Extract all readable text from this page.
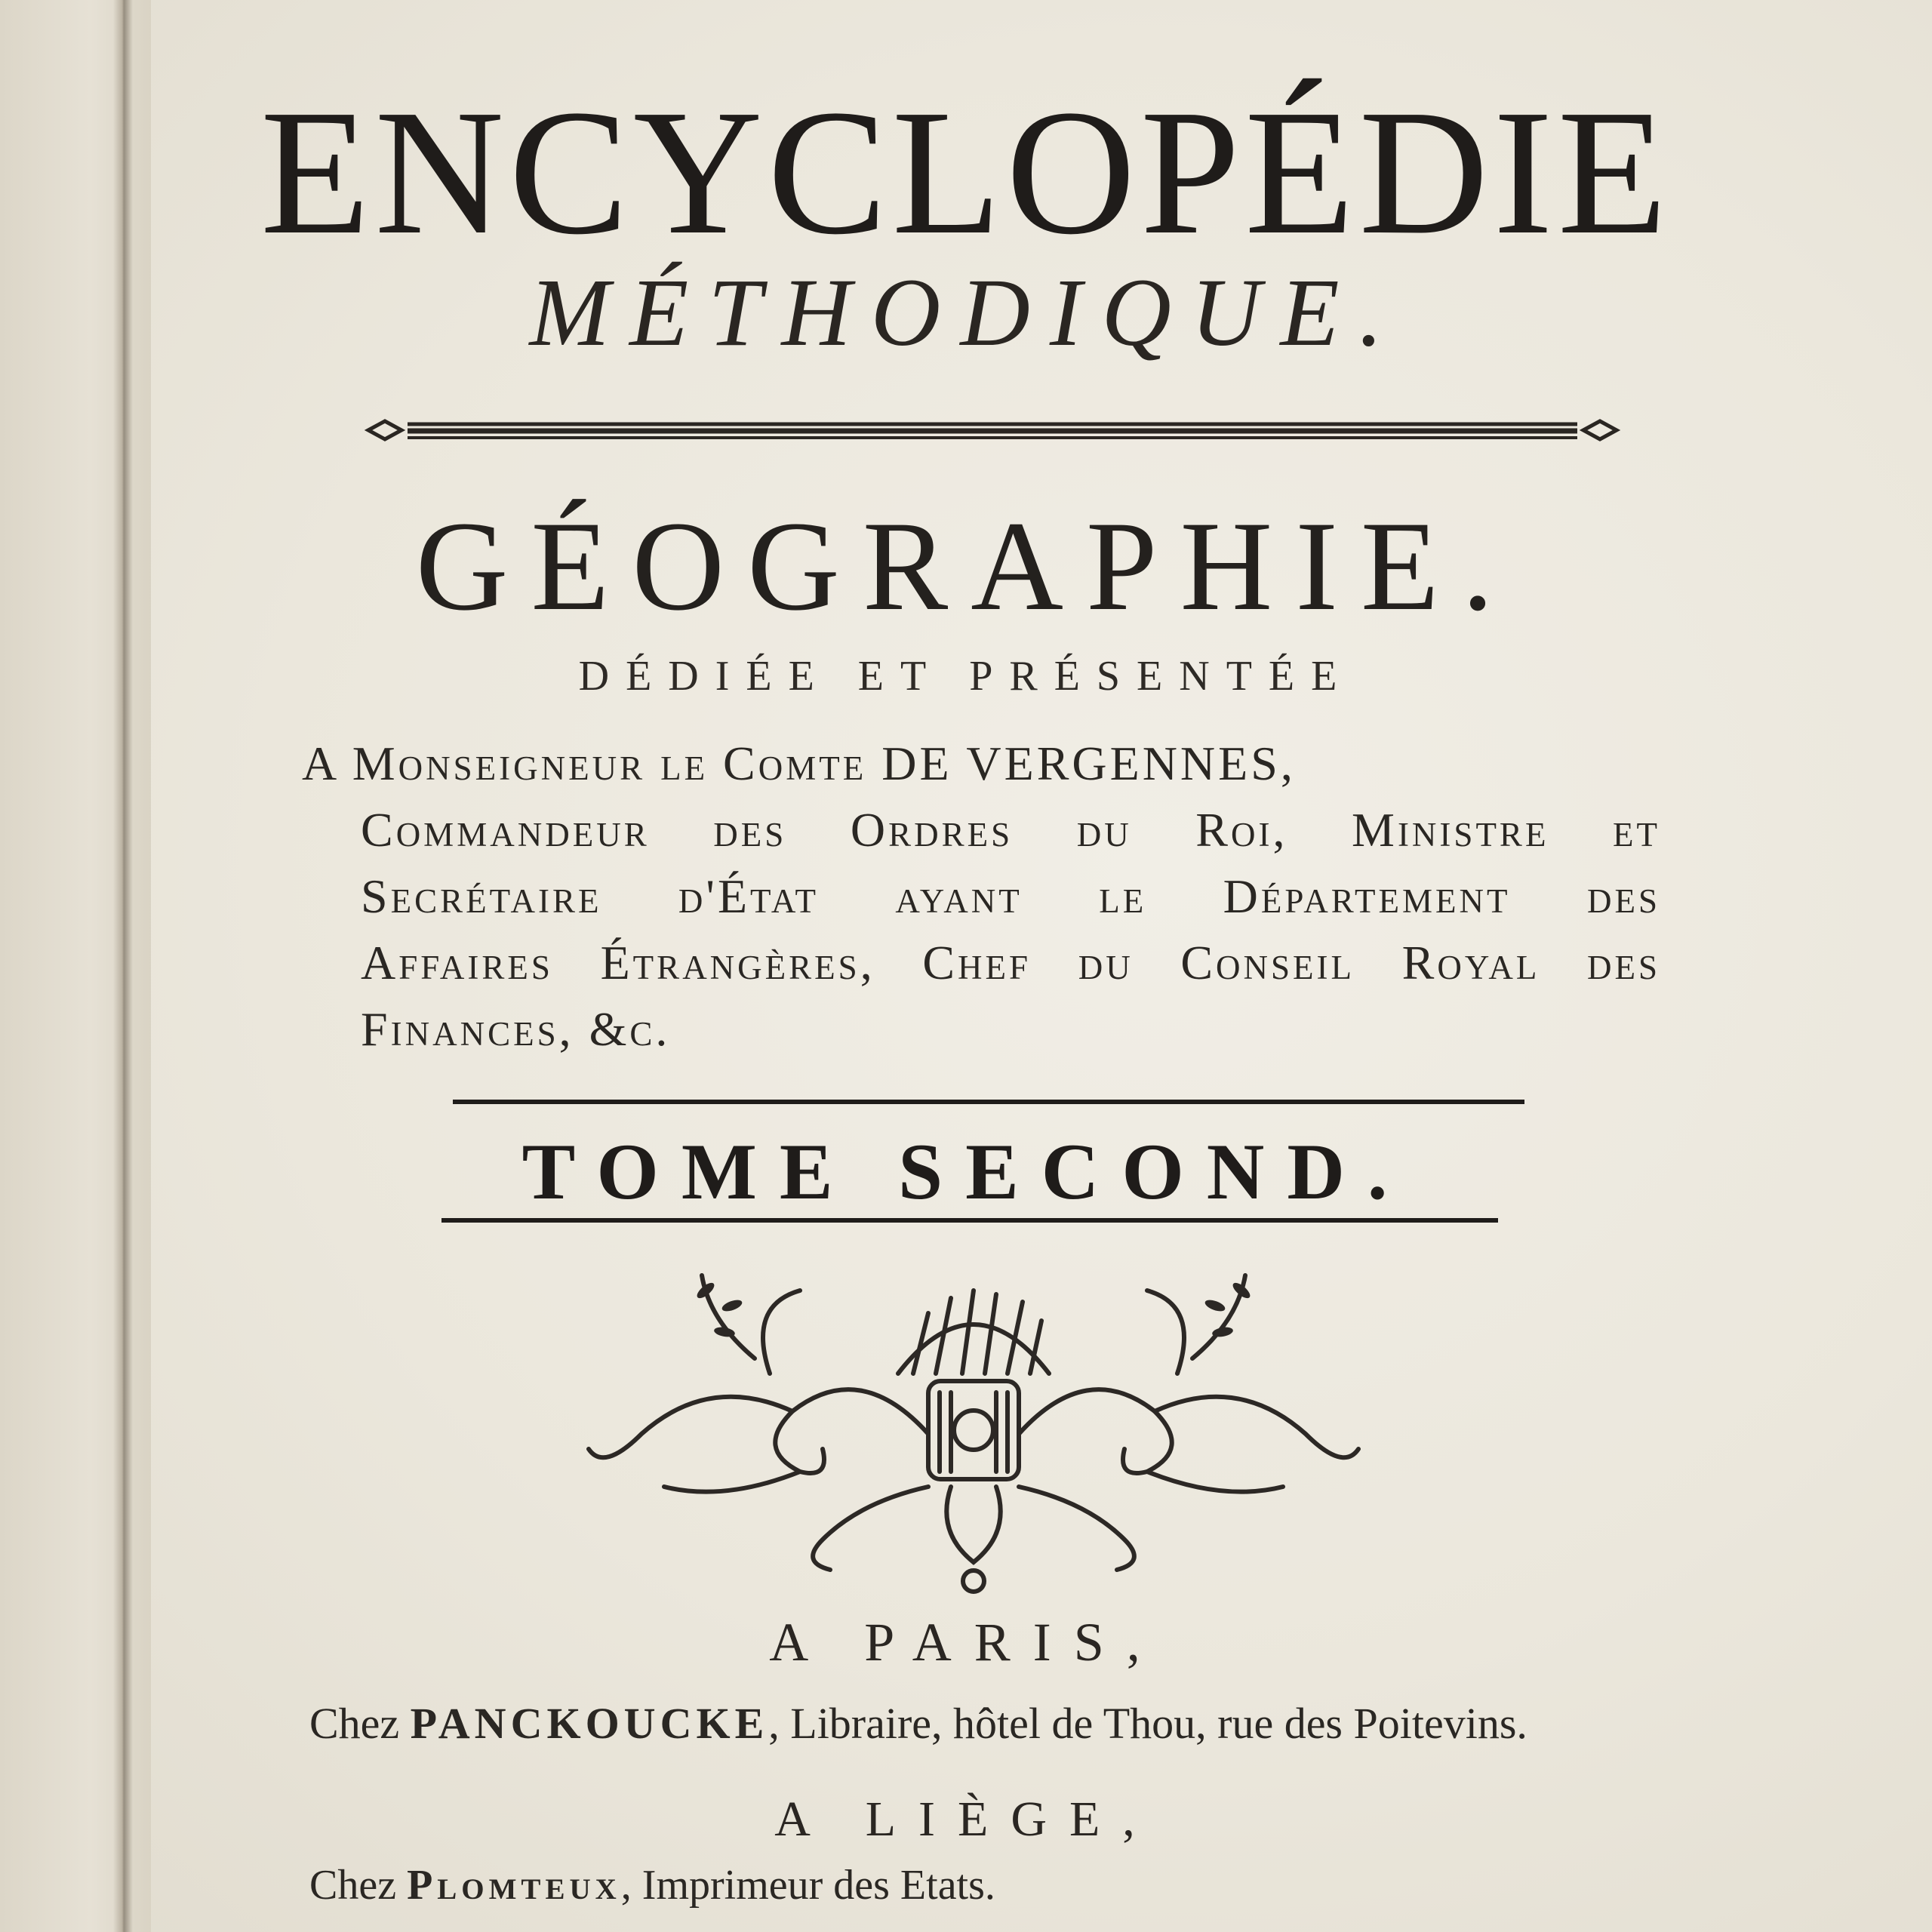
ENCYCLOPÉDIE
MÉTHODIQUE.
GÉOGRAPHIE.
DÉDIÉE ET PRÉSENTÉE
A Monseigneur le Comte DE VERGENNES,
Commandeur des Ordres du Roi, Ministre et
Secrétaire d'État ayant le Département des
Affaires Étrangères, Chef du Conseil Royal des
Finances, &c.
TOME SECOND.
A PARIS,
Chez PANCKOUCKE, Libraire, hôtel de Thou, rue des Poitevins.
A LIÈGE,
Chez Plomteux, Imprimeur des Etats.
